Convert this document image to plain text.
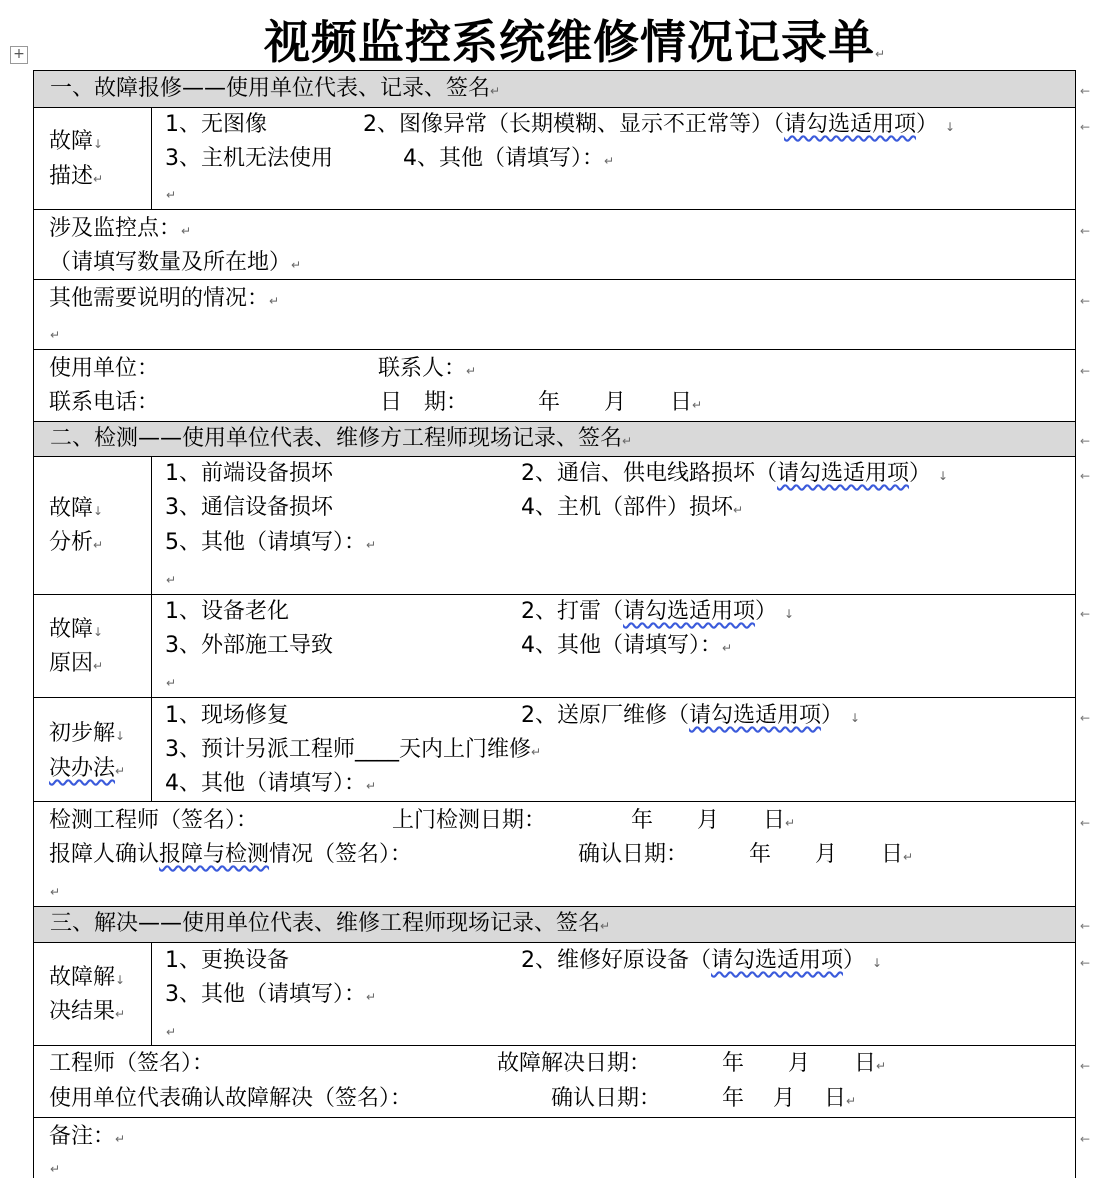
+	视频监控系统维修情况记录单↵
一、故障报修——使用单位代表、记录、签名↵
故障↓
描述↵
1、无图像	2、图像异常（长期模糊、显示不正常等）（请勾选适用项） ↓
3、主机无法使用	4、其他（请填写）：↵
↵
涉及监控点：↵
（请填写数量及所在地）↵
其他需要说明的情况：↵
↵
使用单位：	联系人：↵
联系电话：	日　期：	年　　月　　日↵
二、检测——使用单位代表、维修方工程师现场记录、签名↵
故障↓
分析↵
1、前端设备损坏	2、通信、供电线路损坏（请勾选适用项） ↓
3、通信设备损坏	4、主机（部件）损坏↵
5、其他（请填写）：↵
↵
故障↓
原因↵
1、设备老化	2、打雷（请勾选适用项） ↓
3、外部施工导致	4、其他（请填写）：↵
↵
初步解↓
决办法↵
1、现场修复	2、送原厂维修（请勾选适用项） ↓
3、预计另派工程师____天内上门维修↵
4、其他（请填写）：↵
检测工程师（签名）：	上门检测日期：	年　　月　　日↵
报障人确认报障与检测情况（签名）：	确认日期：	年　　月　　日↵
↵
三、解决——使用单位代表、维修工程师现场记录、签名↵
故障解↓
决结果↵
1、更换设备	2、维修好原设备（请勾选适用项） ↓
3、其他（请填写）：↵
↵
工程师（签名）：	故障解决日期：	年　　月　　日↵
使用单位代表确认故障解决（签名）：	确认日期：	年　 月　 日↵
备注：↵
↵
←
←
←
←
←
←
←
←
←
←
←
←
←
←
